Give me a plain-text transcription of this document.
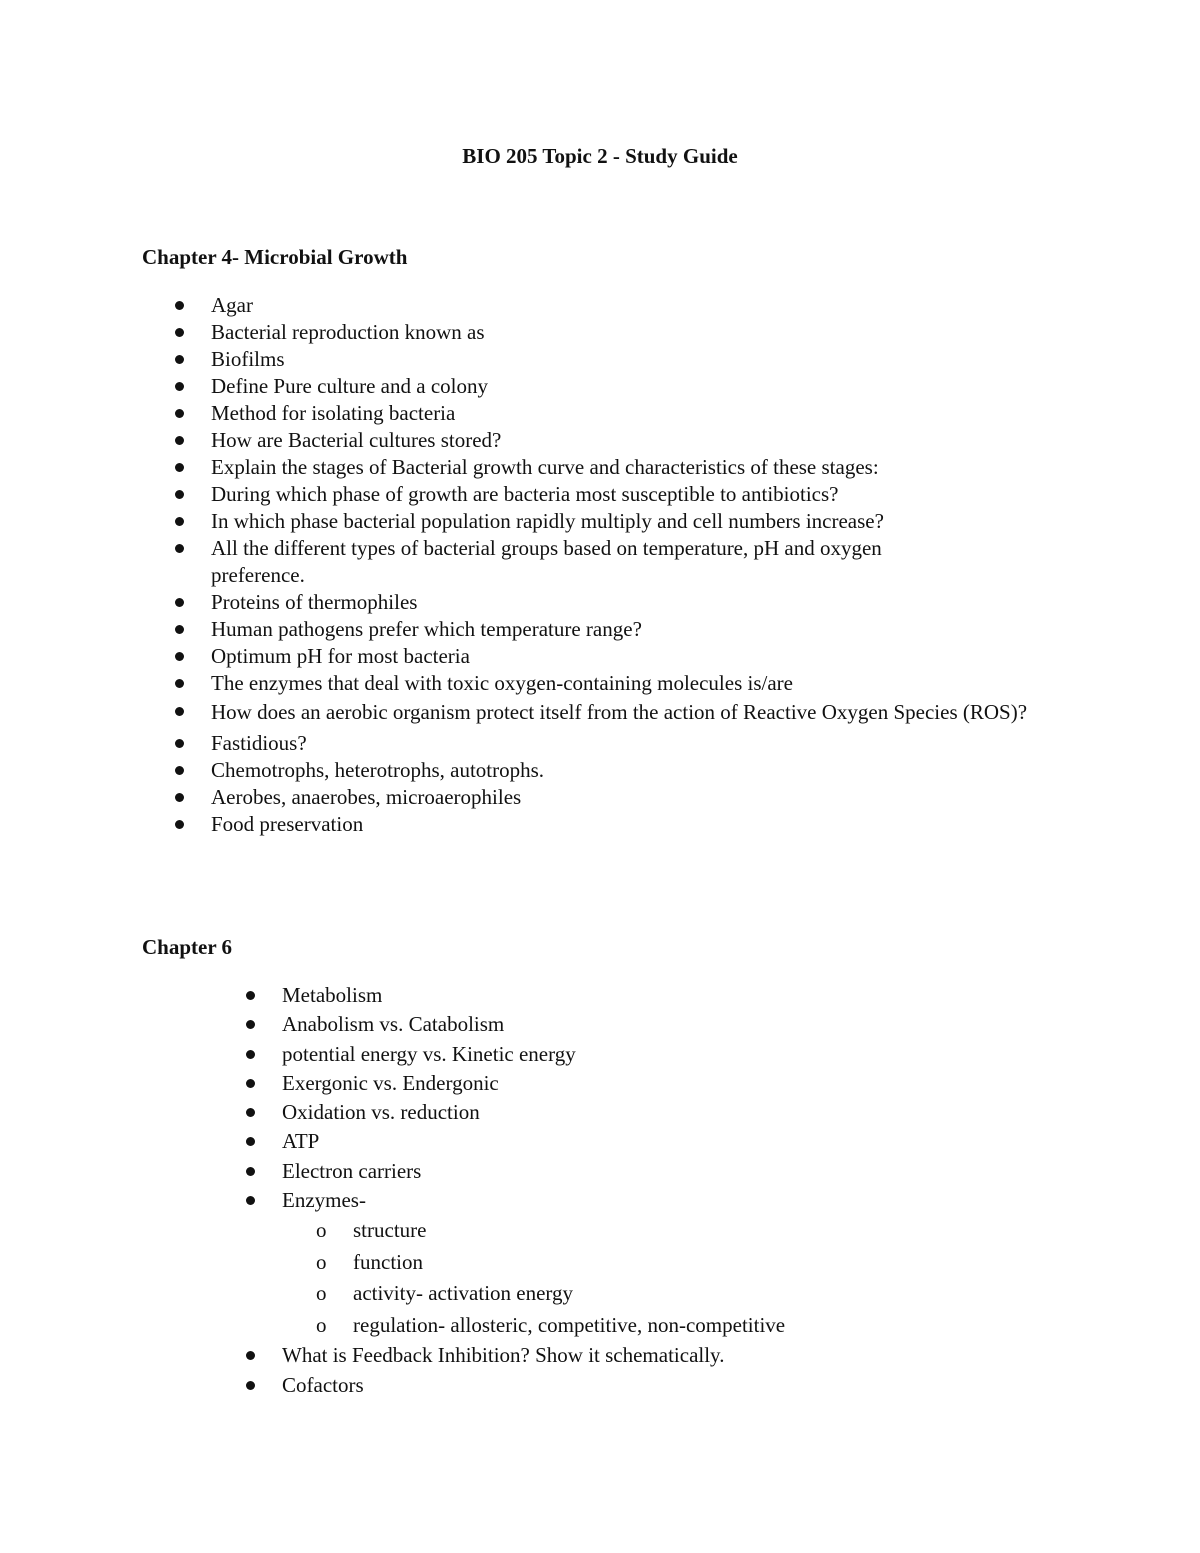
BIO 205 Topic 2 - Study Guide

Chapter 4- Microbial Growth

Agar
Bacterial reproduction known as
Biofilms
Define Pure culture and a colony
Method for isolating bacteria
How are Bacterial cultures stored?
Explain the stages of Bacterial growth curve and characteristics of these stages:
During which phase of growth are bacteria most susceptible to antibiotics?
In which phase bacterial population rapidly multiply and cell numbers increase?
All the different types of bacterial groups based on temperature, pH and oxygen preference.
Proteins of thermophiles
Human pathogens prefer which temperature range?
Optimum pH for most bacteria
The enzymes that deal with toxic oxygen-containing molecules is/are
How does an aerobic organism protect itself from the action of Reactive Oxygen Species (ROS)?
Fastidious?
Chemotrophs, heterotrophs, autotrophs.
Aerobes, anaerobes, microaerophiles
Food preservation

Chapter 6

Metabolism
Anabolism vs. Catabolism
potential energy vs. Kinetic energy
Exergonic vs. Endergonic
Oxidation vs. reduction
ATP
Electron carriers
Enzymes-
o structure
o function
o activity- activation energy
o regulation- allosteric, competitive, non-competitive
What is Feedback Inhibition? Show it schematically.
Cofactors
